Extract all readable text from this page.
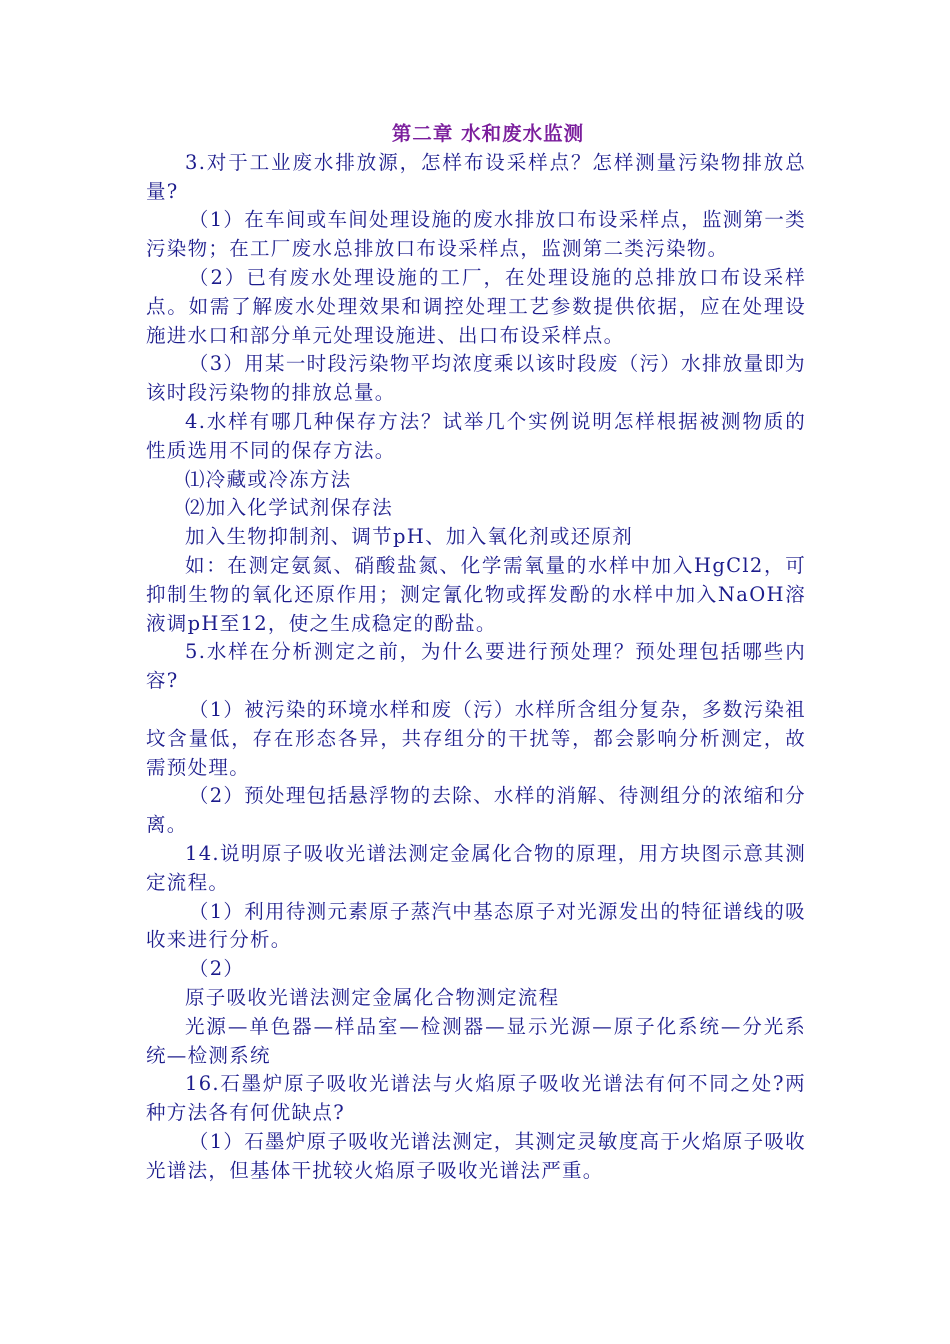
第二章 水和废水监测

3.对于工业废水排放源，怎样布设采样点？怎样测量污染物排放总量?

（1）在车间或车间处理设施的废水排放口布设采样点，监测第一类污染物；在工厂废水总排放口布设采样点，监测第二类污染物。

（2）已有废水处理设施的工厂，在处理设施的总排放口布设采样点。如需了解废水处理效果和调控处理工艺参数提供依据，应在处理设施进水口和部分单元处理设施进、出口布设采样点。

（3）用某一时段污染物平均浓度乘以该时段废（污）水排放量即为该时段污染物的排放总量。

4.水样有哪几种保存方法？试举几个实例说明怎样根据被测物质的性质选用不同的保存方法。

⑴冷藏或冷冻方法

⑵加入化学试剂保存法

加入生物抑制剂、调节pH、加入氧化剂或还原剂

如：在测定氨氮、硝酸盐氮、化学需氧量的水样中加入HgCl2，可抑制生物的氧化还原作用；测定氰化物或挥发酚的水样中加入NaOH溶液调pH至12，使之生成稳定的酚盐。

5.水样在分析测定之前，为什么要进行预处理？预处理包括哪些内容?

（1）被污染的环境水样和废（污）水样所含组分复杂，多数污染祖坟含量低，存在形态各异，共存组分的干扰等，都会影响分析测定，故需预处理。

（2）预处理包括悬浮物的去除、水样的消解、待测组分的浓缩和分离。

14.说明原子吸收光谱法测定金属化合物的原理，用方块图示意其测定流程。

（1）利用待测元素原子蒸汽中基态原子对光源发出的特征谱线的吸收来进行分析。

（2）

原子吸收光谱法测定金属化合物测定流程

光源—单色器—样品室—检测器—显示光源—原子化系统—分光系统—检测系统

16.石墨炉原子吸收光谱法与火焰原子吸收光谱法有何不同之处?两种方法各有何优缺点?

（1）石墨炉原子吸收光谱法测定，其测定灵敏度高于火焰原子吸收光谱法，但基体干扰较火焰原子吸收光谱法严重。
